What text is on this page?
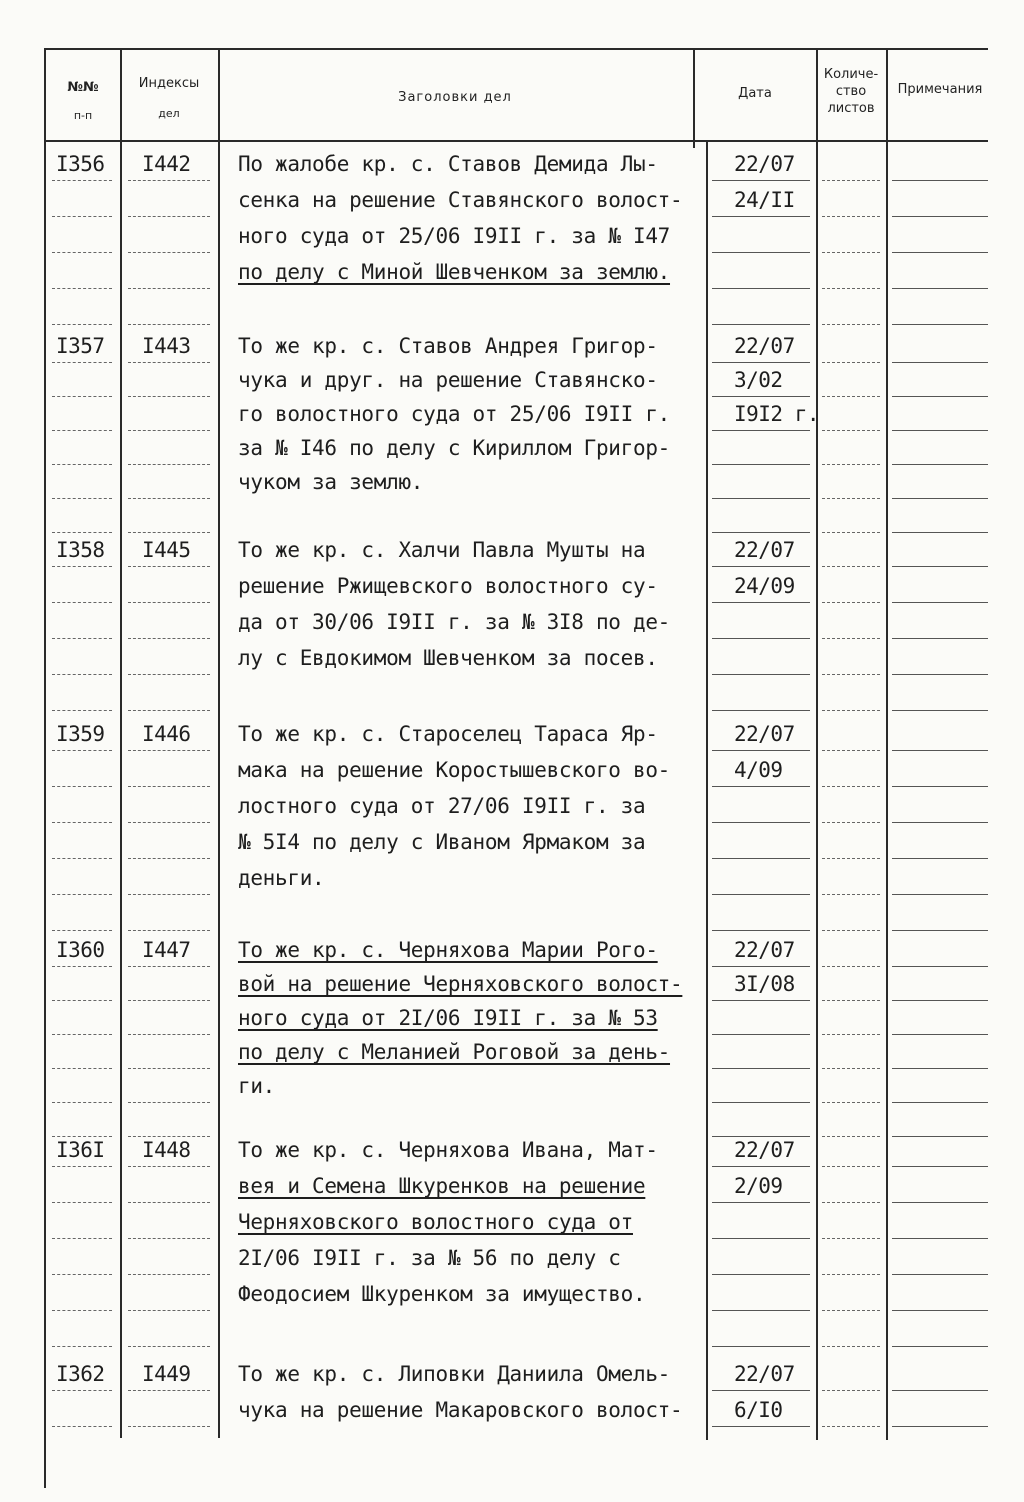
№№
п-п
Индексы
дел
Заголовки дел	Дата
Количе-
ство
листов
Примечания
I356 I442 По жалобе кр. с. Ставов Демида Лы-
сенка на решение Ставянского волост-
ного суда от 25/06 I9II г. за № I47
по делу с Миной Шевченком за землю.
22/07
24/II
I357 I443 То же кр. с. Ставов Андрея Григор-
чука и друг. на решение Ставянско-
го волостного суда от 25/06 I9II г.
за № I46 по делу с Кириллом Григор-
чуком за землю.
22/07
3/02
I9I2 г.
I358 I445 То же кр. с. Халчи Павла Мушты на
решение Ржищевского волостного су-
да от 30/06 I9II г. за № 3I8 по де-
лу с Евдокимом Шевченком за посев.
22/07
24/09
I359 I446 То же кр. с. Староселец Тараса Яр-
мака на решение Коростышевского во-
лостного суда от 27/06 I9II г. за
№ 5I4 по делу с Иваном Ярмаком за
деньги.
22/07
4/09
I360 I447 То же кр. с. Черняхова Марии Рого-
вой на решение Черняховского волост-
ного суда от 2I/06 I9II г. за № 53
по делу с Меланией Роговой за день-
ги.
22/07
3I/08
I36I I448 То же кр. с. Черняхова Ивана, Мат-
вея и Семена Шкуренков на решение
Черняховского волостного суда от
2I/06 I9II г. за № 56 по делу с
Феодосием Шкуренком за имущество.
22/07
2/09
I362 I449 То же кр. с. Липовки Даниила Омель-
чука на решение Макаровского волост-
22/07
6/I0
